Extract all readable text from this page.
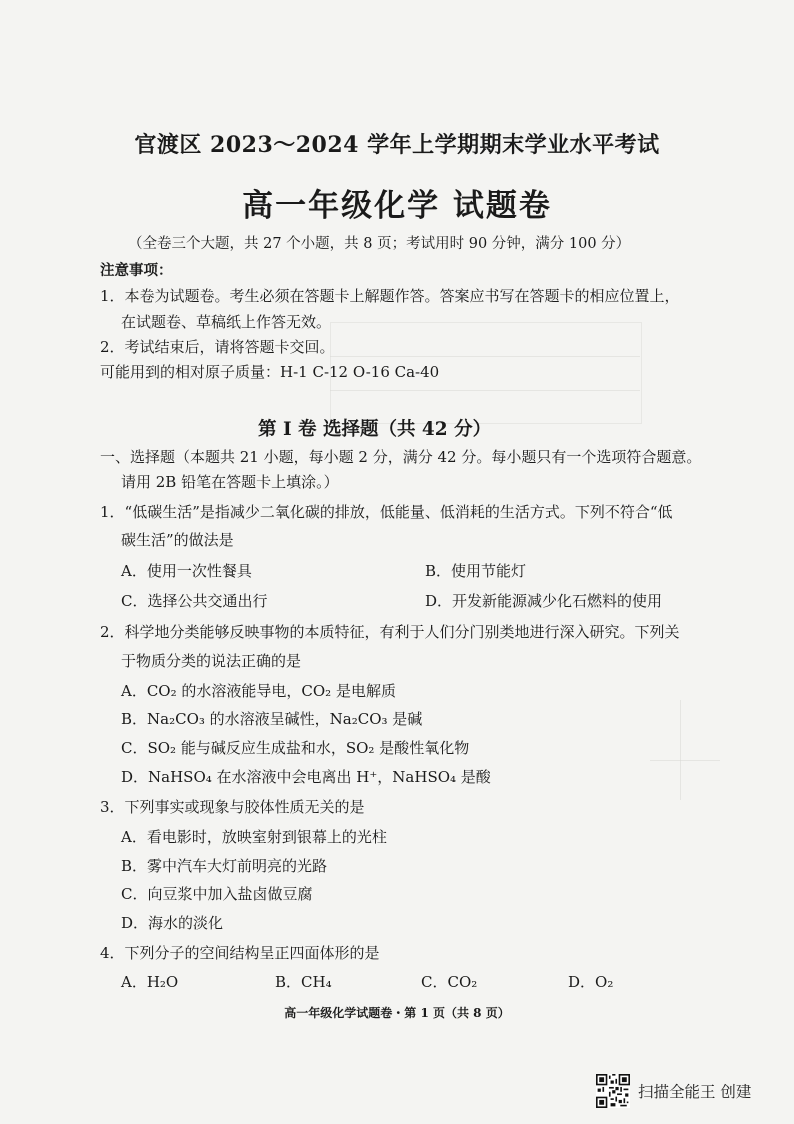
官渡区 2023～2024 学年上学期期末学业水平考试
高一年级化学 试题卷
（全卷三个大题，共 27 个小题，共 8 页；考试用时 90 分钟，满分 100 分）
注意事项：
1．本卷为试题卷。考生必须在答题卡上解题作答。答案应书写在答题卡的相应位置上，
在试题卷、草稿纸上作答无效。
2．考试结束后，请将答题卡交回。
可能用到的相对原子质量：H-1 C-12 O-16 Ca-40
第 I 卷 选择题（共 42 分）
一、选择题（本题共 21 小题，每小题 2 分，满分 42 分。每小题只有一个选项符合题意。
请用 2B 铅笔在答题卡上填涂。）
1．“低碳生活”是指减少二氧化碳的排放，低能量、低消耗的生活方式。下列不符合“低
碳生活”的做法是
A．使用一次性餐具	B．使用节能灯
C．选择公共交通出行	D．开发新能源减少化石燃料的使用
2．科学地分类能够反映事物的本质特征，有利于人们分门别类地进行深入研究。下列关
于物质分类的说法正确的是
A．CO₂ 的水溶液能导电，CO₂ 是电解质
B．Na₂CO₃ 的水溶液呈碱性，Na₂CO₃ 是碱
C．SO₂ 能与碱反应生成盐和水，SO₂ 是酸性氧化物
D．NaHSO₄ 在水溶液中会电离出 H⁺，NaHSO₄ 是酸
3．下列事实或现象与胶体性质无关的是
A．看电影时，放映室射到银幕上的光柱
B．雾中汽车大灯前明亮的光路
C．向豆浆中加入盐卤做豆腐
D．海水的淡化
4．下列分子的空间结构呈正四面体形的是
A．H₂O	B．CH₄	C．CO₂	D．O₂
高一年级化学试题卷・第 1 页（共 8 页）
扫描全能王 创建
